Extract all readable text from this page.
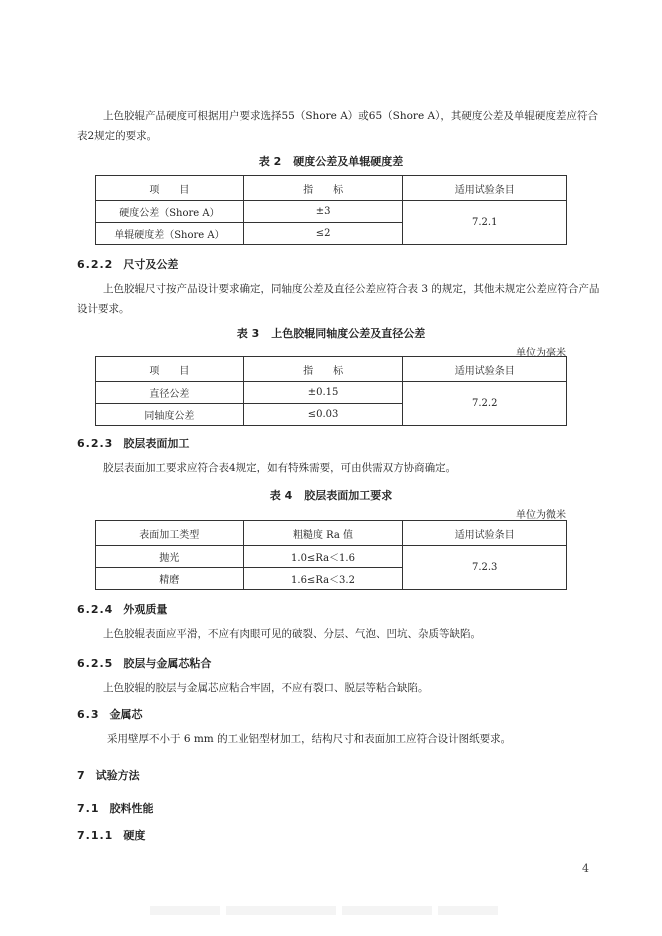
上色胶辊产品硬度可根据用户要求选择55（Shore A）或65（Shore A），其硬度公差及单辊硬度差应符合表2规定的要求。
表 2 硬度公差及单辊硬度差
项　　目	指　　标	适用试验条目
硬度公差（Shore A）	±3	7.2.1
单辊硬度差（Shore A）	≤2	
6.2.2 尺寸及公差
上色胶辊尺寸按产品设计要求确定，同轴度公差及直径公差应符合表 3 的规定，其他未规定公差应符合产品设计要求。
表 3 上色胶辊同轴度公差及直径公差
单位为毫米
项　　目	指　　标	适用试验条目
直径公差	±0.15	7.2.2
同轴度公差	≤0.03	
6.2.3 胶层表面加工
胶层表面加工要求应符合表4规定，如有特殊需要，可由供需双方协商确定。
表 4 胶层表面加工要求
单位为微米
表面加工类型	粗糙度 Ra 值	适用试验条目
抛光	1.0≤Ra＜1.6	7.2.3
精磨	1.6≤Ra＜3.2	
6.2.4 外观质量
上色胶辊表面应平滑，不应有肉眼可见的破裂、分层、气泡、凹坑、杂质等缺陷。
6.2.5 胶层与金属芯粘合
上色胶辊的胶层与金属芯应粘合牢固，不应有裂口、脱层等粘合缺陷。
6.3 金属芯
采用壁厚不小于 6 mm 的工业铝型材加工，结构尺寸和表面加工应符合设计图纸要求。
7 试验方法
7.1 胶料性能
7.1.1 硬度
4
